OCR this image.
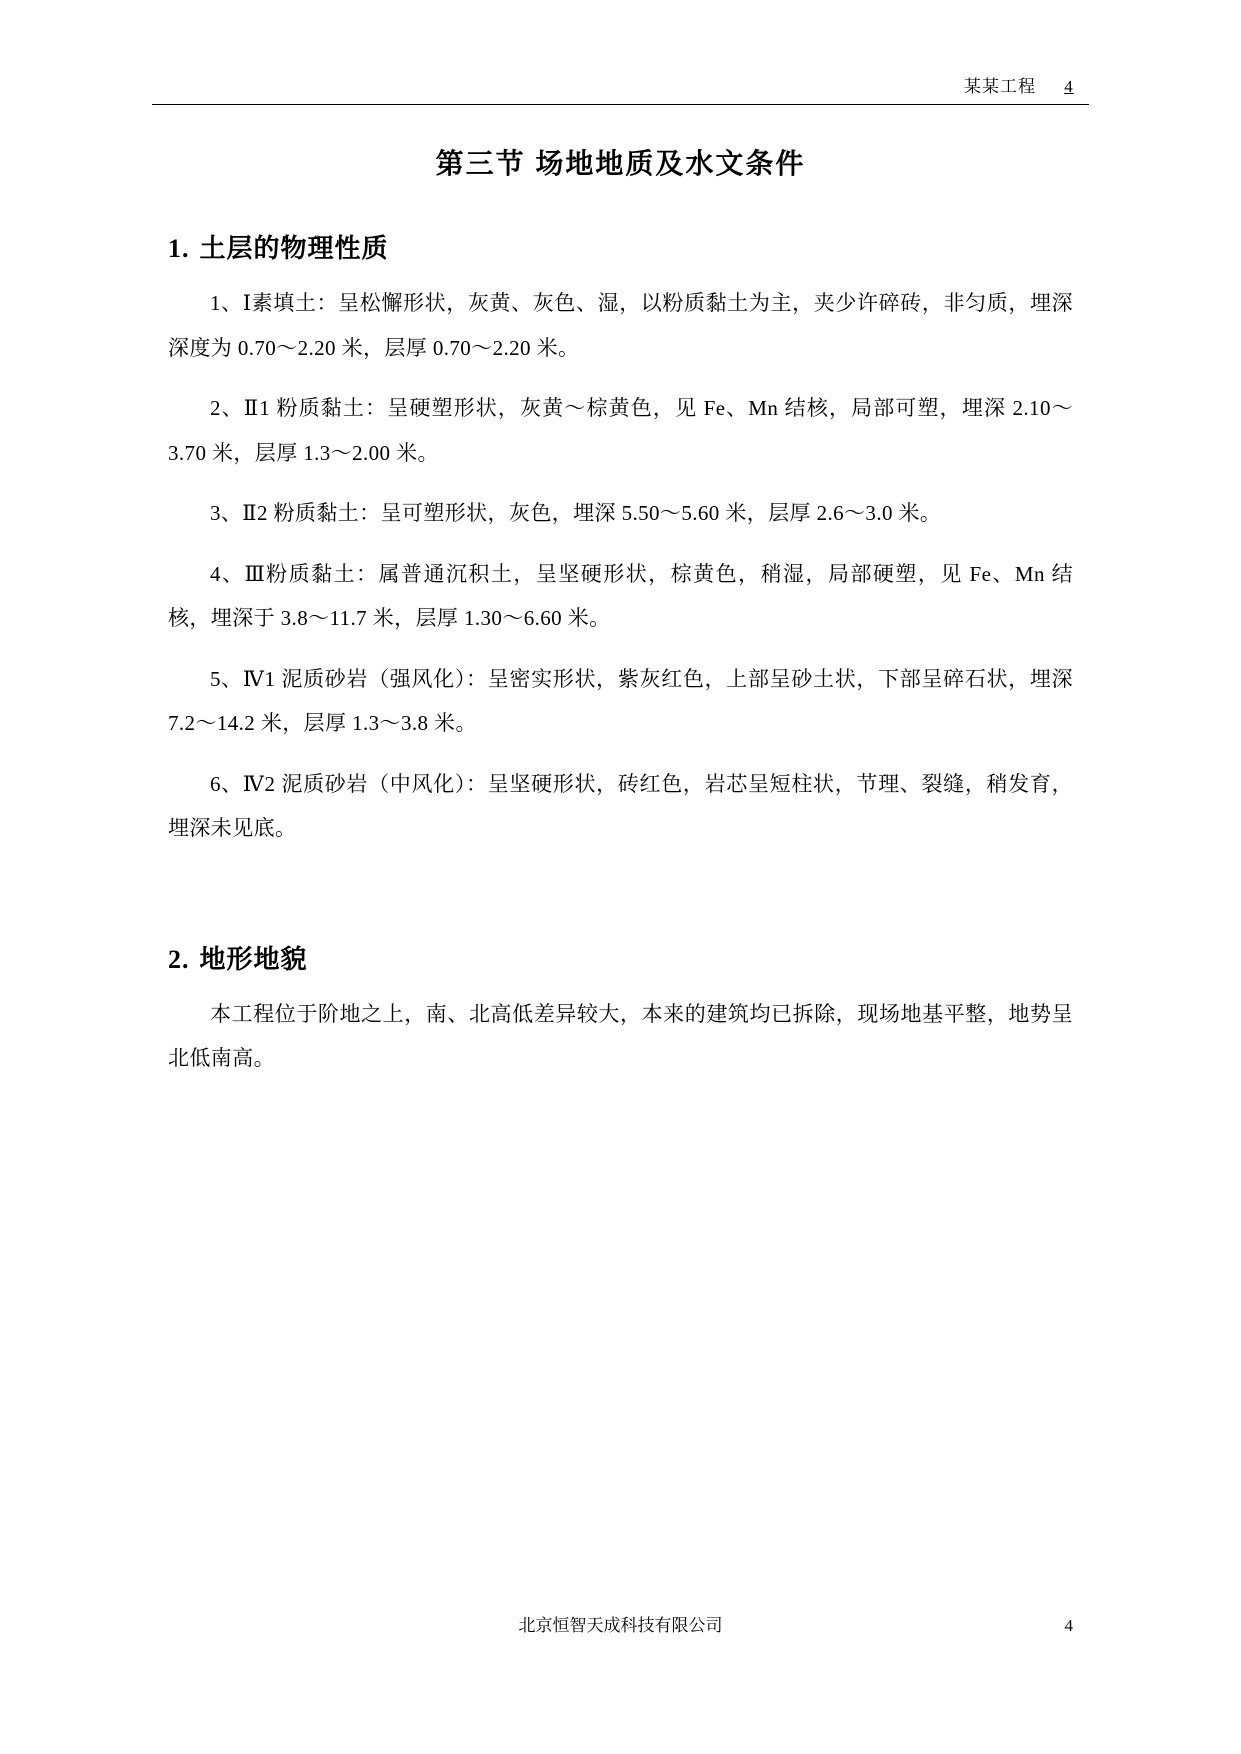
某某工程 4
第三节 场地地质及水文条件
1. 土层的物理性质

1、Ⅰ素填土：呈松懈形状，灰黄、灰色、湿，以粉质黏土为主，夹少许碎砖，非匀质，埋深深度为 0.70～2.20 米，层厚 0.70～2.20 米。

2、Ⅱ1 粉质黏土：呈硬塑形状，灰黄～棕黄色，见 Fe、Mn 结核，局部可塑，埋深 2.10～3.70 米，层厚 1.3～2.00 米。

3、Ⅱ2 粉质黏土：呈可塑形状，灰色，埋深 5.50～5.60 米，层厚 2.6～3.0 米。

4、Ⅲ粉质黏土：属普通沉积土，呈坚硬形状，棕黄色，稍湿，局部硬塑，见 Fe、Mn 结核，埋深于 3.8～11.7 米，层厚 1.30～6.60 米。

5、Ⅳ1 泥质砂岩（强风化）：呈密实形状，紫灰红色，上部呈砂土状，下部呈碎石状，埋深 7.2～14.2 米，层厚 1.3～3.8 米。

6、Ⅳ2 泥质砂岩（中风化）：呈坚硬形状，砖红色，岩芯呈短柱状，节理、裂缝，稍发育，埋深未见底。

2. 地形地貌

本工程位于阶地之上，南、北高低差异较大，本来的建筑均已拆除，现场地基平整，地势呈北低南高。

北京恒智天成科技有限公司	4
